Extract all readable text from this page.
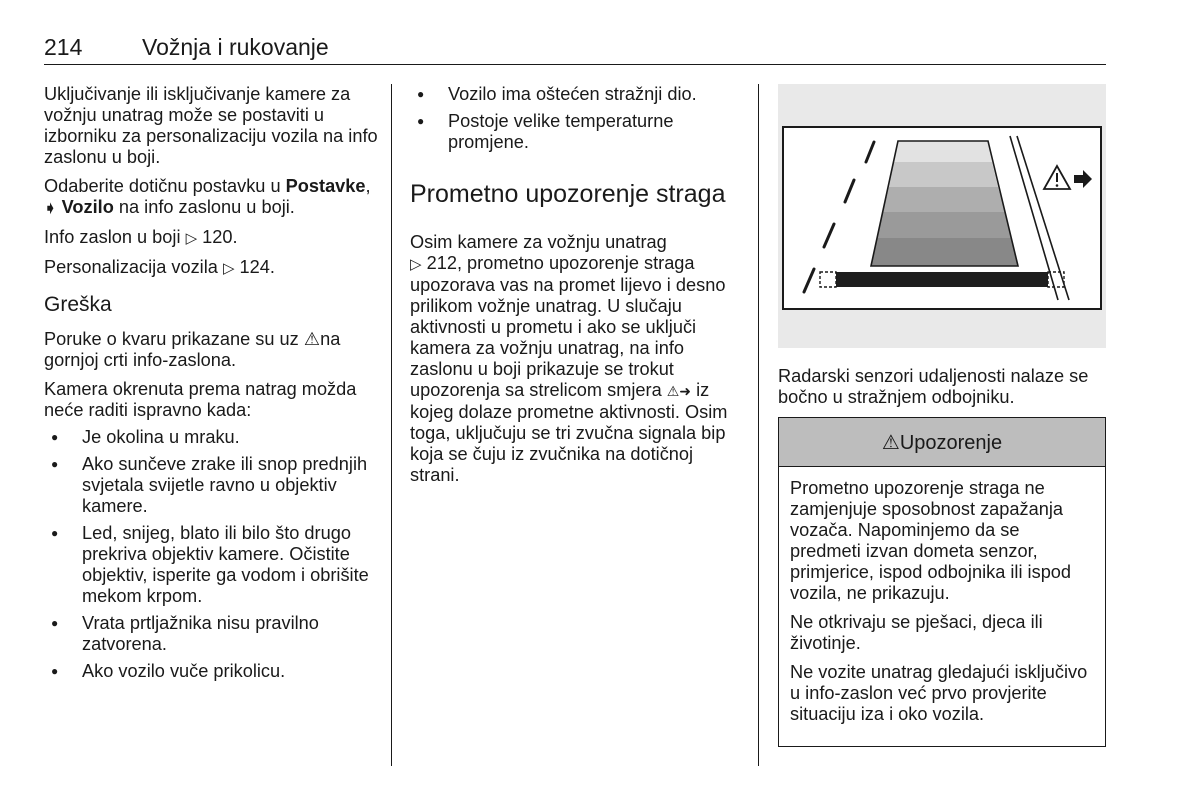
214	Vožnja i rukovanje

Uključivanje ili isključivanje kamere za vožnju unatrag može se postaviti u izborniku za personalizaciju vozila na info zaslonu u boji.

Odaberite dotičnu postavku u Postavke, ➧ Vozilo na info zaslonu u boji.

Info zaslon u boji ▷ 120.

Personalizacija vozila ▷ 124.

Greška

Poruke o kvaru prikazane su uz ⚠na gornjoj crti info-zaslona.

Kamera okrenuta prema natrag možda neće raditi ispravno kada:

● Je okolina u mraku.
● Ako sunčeve zrake ili snop prednjih svjetala svijetle ravno u objektiv kamere.
● Led, snijeg, blato ili bilo što drugo prekriva objektiv kamere. Očistite objektiv, isperite ga vodom i obrišite mekom krpom.
● Vrata prtljažnika nisu pravilno zatvorena.
● Ako vozilo vuče prikolicu.
● Vozilo ima oštećen stražnji dio.
● Postoje velike temperaturne promjene.
Prometno upozorenje straga

Osim kamere za vožnju unatrag
▷ 212, prometno upozorenje straga upozorava vas na promet lijevo i desno prilikom vožnje unatrag. U slučaju aktivnosti u prometu i ako se uključi kamera za vožnju unatrag, na info zaslonu u boji prikazuje se trokut upozorenja sa strelicom smjera ⚠➜ iz kojeg dolaze prometne aktivnosti. Osim toga, uključuju se tri zvučna signala bip koja se čuju iz zvučnika na dotičnoj strani.

Radarski senzori udaljenosti nalaze se bočno u stražnjem odbojniku.

⚠Upozorenje

Prometno upozorenje straga ne zamjenjuje sposobnost zapažanja vozača. Napominjemo da se predmeti izvan dometa senzor, primjerice, ispod odbojnika ili ispod vozila, ne prikazuju.

Ne otkrivaju se pješaci, djeca ili životinje.

Ne vozite unatrag gledajući isključivo u info-zaslon već prvo provjerite situaciju iza i oko vozila.
